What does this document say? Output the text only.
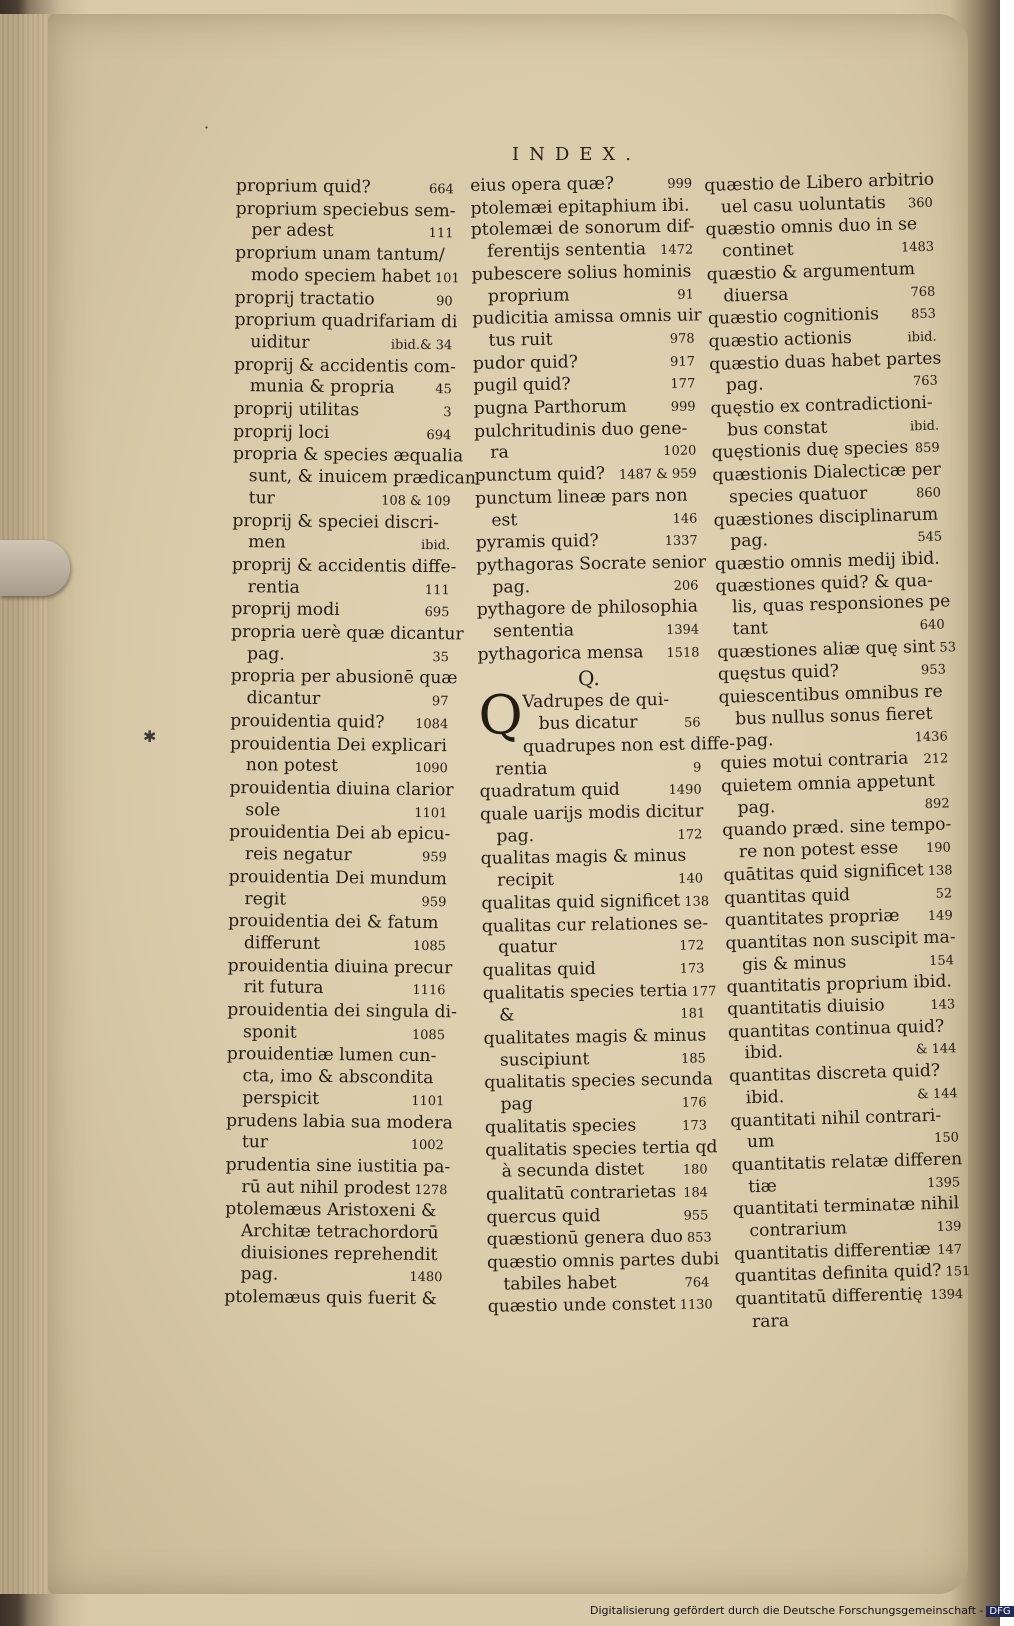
·
✱
INDEX.
proprium quid?	664
proprium speciebus sem-
per adest	111
proprium unam tantum/
modo speciem habet 101
proprij tractatio	90
proprium quadrifariam di
uiditur	ibid.& 34
proprij & accidentis com-
munia & propria	45
proprij utilitas	3
proprij loci	694
propria & species æqualia
sunt, & inuicem prædican
tur	108 & 109
proprij & speciei discri-
men	ibid.
proprij & accidentis diffe-
rentia	111
proprij modi	695
propria uerè quæ dicantur
pag.	35
propria per abusionē quæ
dicantur	97
prouidentia quid? 1084
prouidentia Dei explicari
non potest	1090
prouidentia diuina clarior
sole	1101
prouidentia Dei ab epicu-
reis negatur	959
prouidentia Dei mundum
regit	959
prouidentia dei & fatum
differunt	1085
prouidentia diuina precur
rit futura	1116
prouidentia dei singula di-
sponit	1085
prouidentiæ lumen cun-
cta, imo & abscondita
perspicit	1101
prudens labia sua modera
tur	1002
prudentia sine iustitia pa-
rū aut nihil prodest 1278
ptolemæus Aristoxeni &
Architæ tetrachordorū
diuisiones reprehendit
pag.	1480
ptolemæus quis fuerit &
eius opera quæ?	999
ptolemæi epitaphium ibi.
ptolemæi de sonorum dif-
ferentijs sententia 1472
pubescere solius hominis
proprium	91
pudicitia amissa omnis uir
tus ruit	978
pudor quid?	917
pugil quid?	177
pugna Parthorum	999
pulchritudinis duo gene-
ra	1020
punctum quid? 1487 & 959
punctum lineæ pars non
est	146
pyramis quid?	1337
pythagoras Socrate senior
pag.	206
pythagore de philosophia
sententia	1394
pythagorica mensa 1518
Q.
Q
Vadrupes de qui-
bus dicatur	56
quadrupes non est diffe-
rentia	9
quadratum quid	1490
quale uarijs modis dicitur
pag.	172
qualitas magis & minus
recipit	140
qualitas quid significet 138
qualitas cur relationes se-
quatur	172
qualitas quid	173
qualitatis species tertia 177
&	181
qualitates magis & minus
suscipiunt	185
qualitatis species secunda
pag	176
qualitatis species	173
qualitatis species tertia qd
à secunda distet	180
qualitatū contrarietas 184
quercus quid	955
quæstionū genera duo 853
quæstio omnis partes dubi
tabiles habet	764
quæstio unde constet 1130
quæstio de Libero arbitrio
uel casu uoluntatis 360
quæstio omnis duo in se
continet	1483
quæstio & argumentum
diuersa	768
quæstio cognitionis 853
quæstio actionis	ibid.
quæstio duas habet partes
pag.	763
quęstio ex contradictioni-
bus constat	ibid.
quęstionis duę species 859
quæstionis Dialecticæ per
species quatuor	860
quæstiones disciplinarum
pag.	545
quæstio omnis medij ibid.
quæstiones quid? & qua-
lis, quas responsiones pe
tant	640
quæstiones aliæ quę sint 53
quęstus quid?	953
quiescentibus omnibus re
bus nullus sonus fieret
pag.	1436
quies motui contraria 212
quietem omnia appetunt
pag.	892
quando præd. sine tempo-
re non potest esse 190
quātitas quid significet 138
quantitas quid	52
quantitates propriæ 149
quantitas non suscipit ma-
gis & minus	154
quantitatis proprium ibid.
quantitatis diuisio	143
quantitas continua quid?
ibid.	& 144
quantitas discreta quid?
ibid.	& 144
quantitati nihil contrari-
um	150
quantitatis relatæ differen
tiæ	1395
quantitati terminatæ nihil
contrarium	139
quantitatis differentiæ 147
quantitas definita quid? 151
quantitatū differentię 1394
rara
Digitalisierung gefördert durch die Deutsche Forschungsgemeinschaft - DFG
